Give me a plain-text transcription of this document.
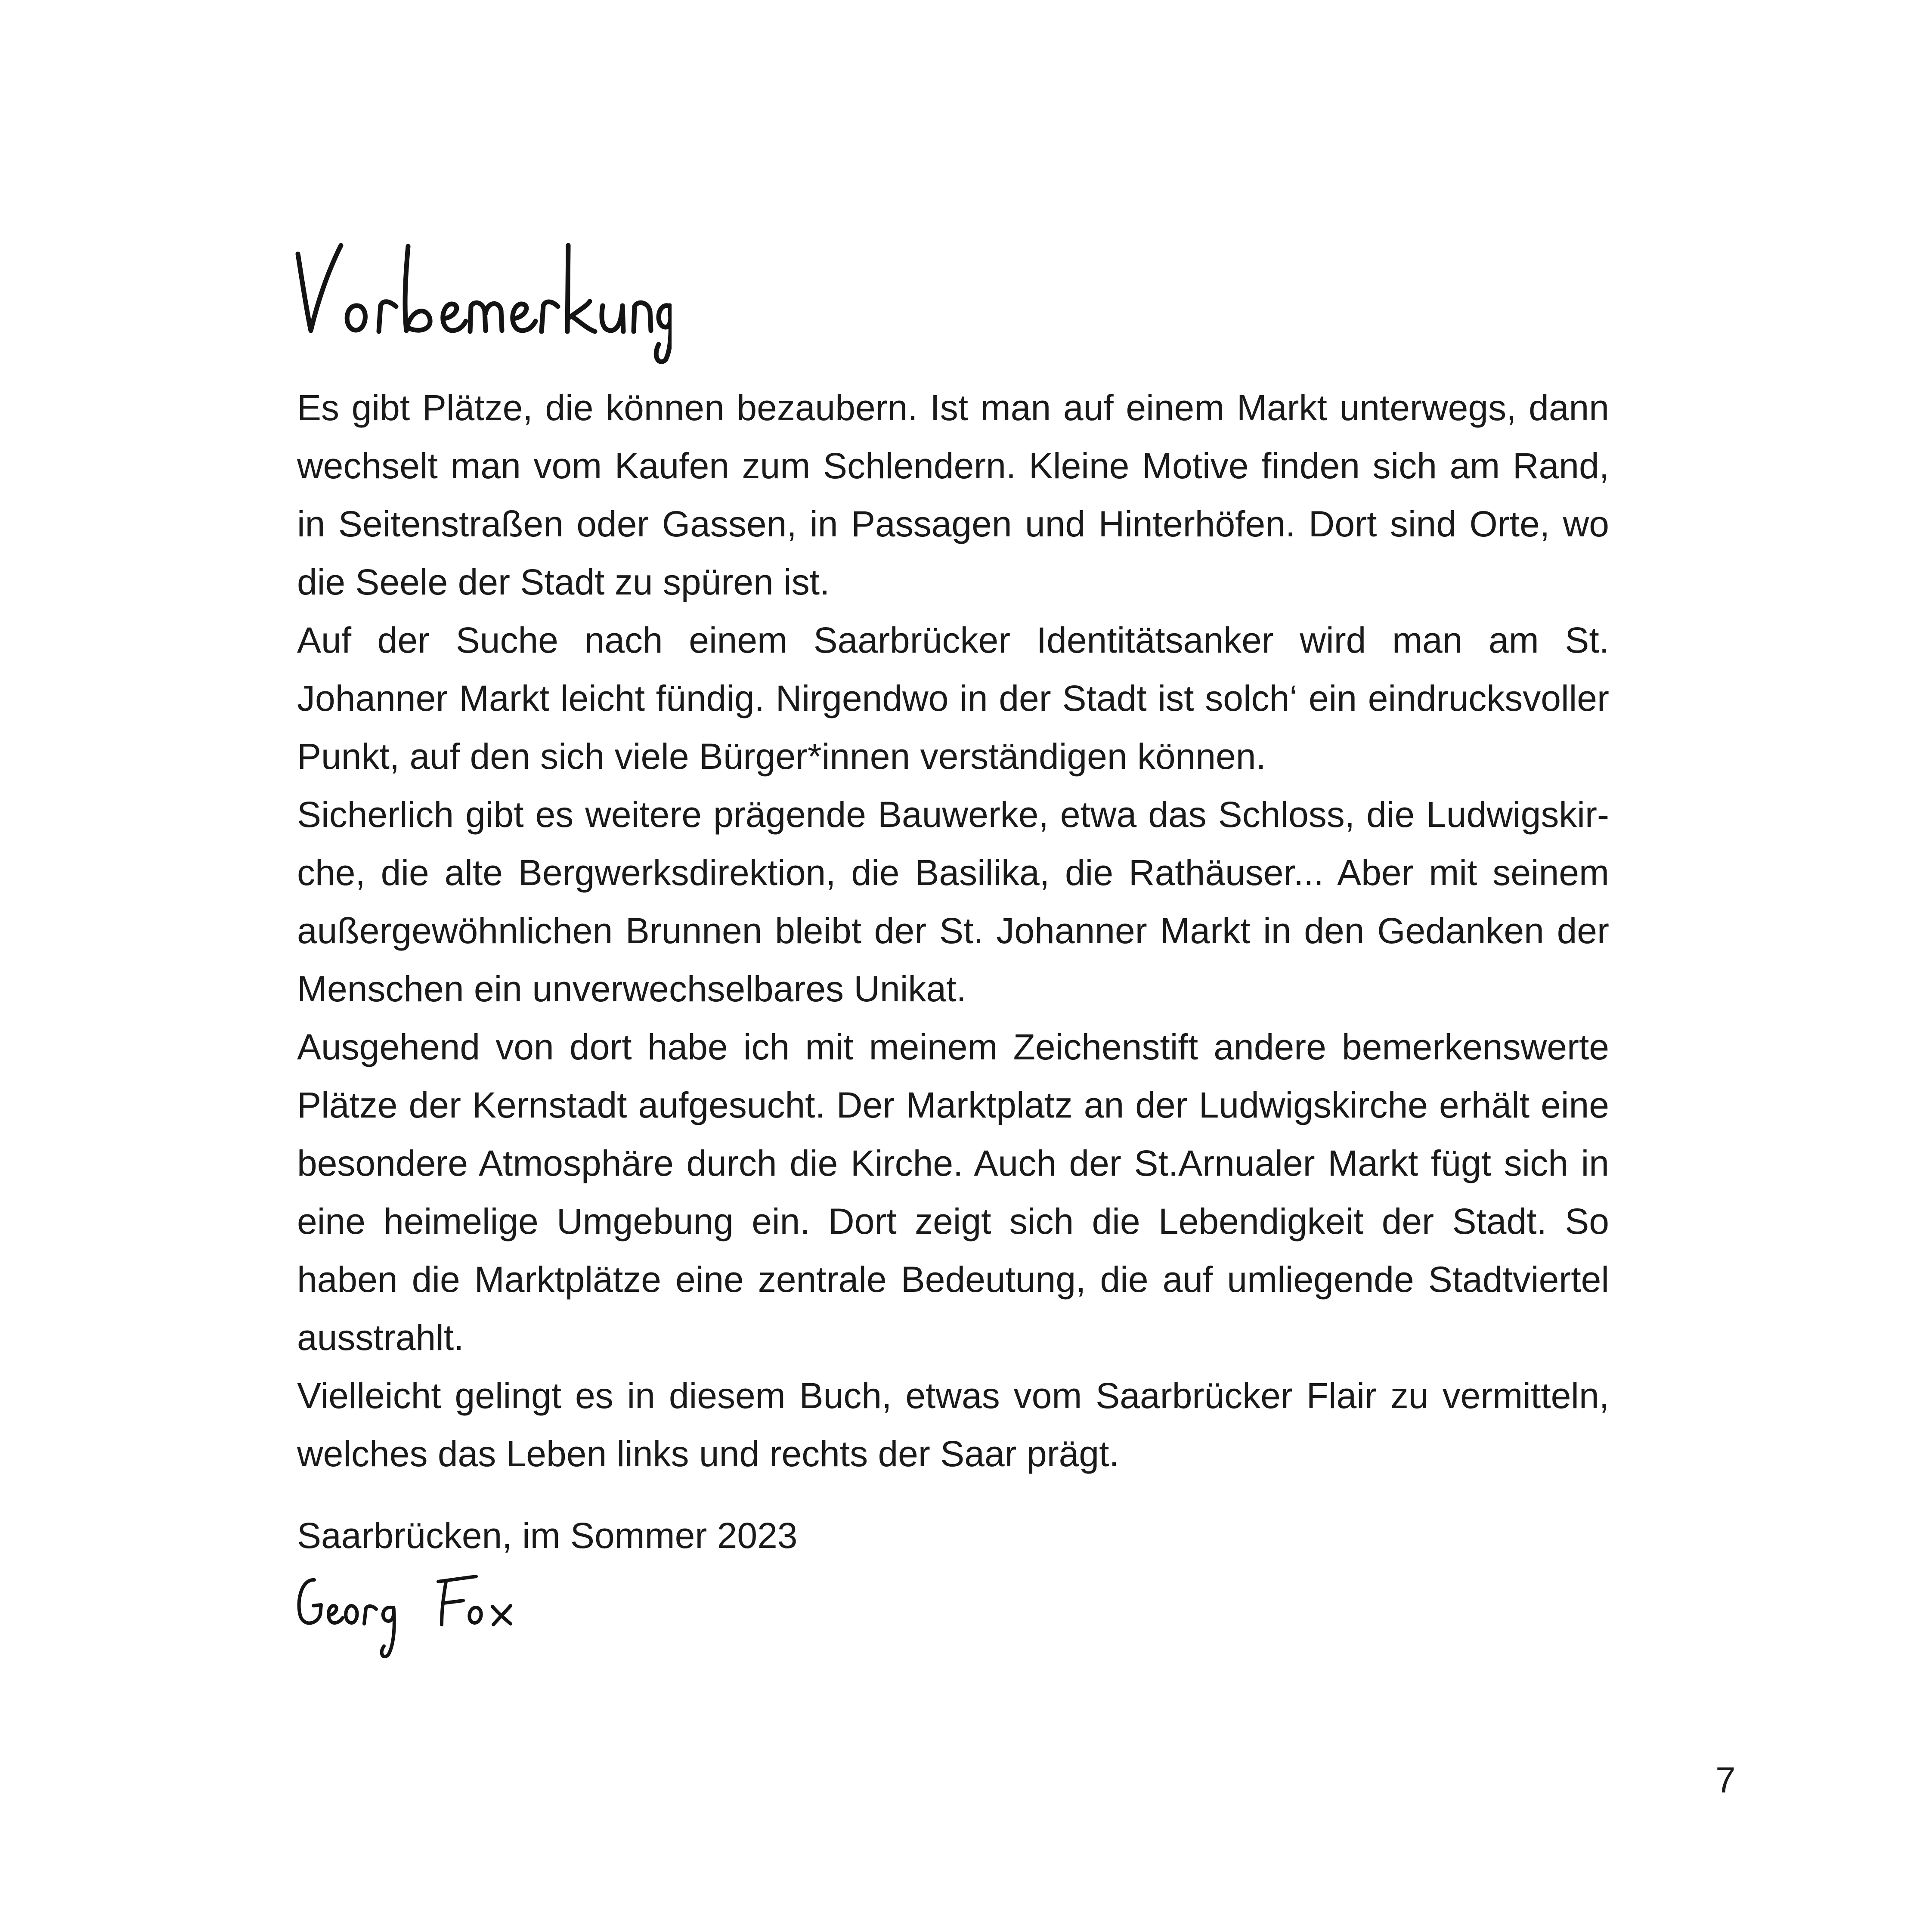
Es gibt Plätze, die können bezaubern. Ist man auf einem Markt unterwegs, dann wechselt man vom Kaufen zum Schlendern. Kleine Motive finden sich am Rand, in Seitenstraßen oder Gassen, in Passagen und Hinterhöfen. Dort sind Orte, wo die Seele der Stadt zu spüren ist.

Auf der Suche nach einem Saarbrücker Identitätsanker wird man am St. Johanner Markt leicht fündig. Nirgendwo in der Stadt ist solch‘ ein eindrucksvoller Punkt, auf den sich viele Bürger*innen verständigen können.

Sicherlich gibt es weitere prägende Bauwerke, etwa das Schloss, die Ludwigskirche, die alte Bergwerksdirektion, die Basilika, die Rathäuser... Aber mit seinem außergewöhnlichen Brunnen bleibt der St. Johanner Markt in den Gedanken der Menschen ein unverwechselbares Unikat.

Ausgehend von dort habe ich mit meinem Zeichenstift andere bemerkenswerte Plätze der Kernstadt aufgesucht. Der Marktplatz an der Ludwigskirche erhält eine besondere Atmosphäre durch die Kirche. Auch der St.Arnualer Markt fügt sich in eine heimelige Umgebung ein. Dort zeigt sich die Lebendigkeit der Stadt. So haben die Marktplätze eine zentrale Bedeutung, die auf umliegende Stadtviertel ausstrahlt.

Vielleicht gelingt es in diesem Buch, etwas vom Saarbrücker Flair zu vermitteln, welches das Leben links und rechts der Saar prägt.

Saarbrücken, im Sommer 2023

7
